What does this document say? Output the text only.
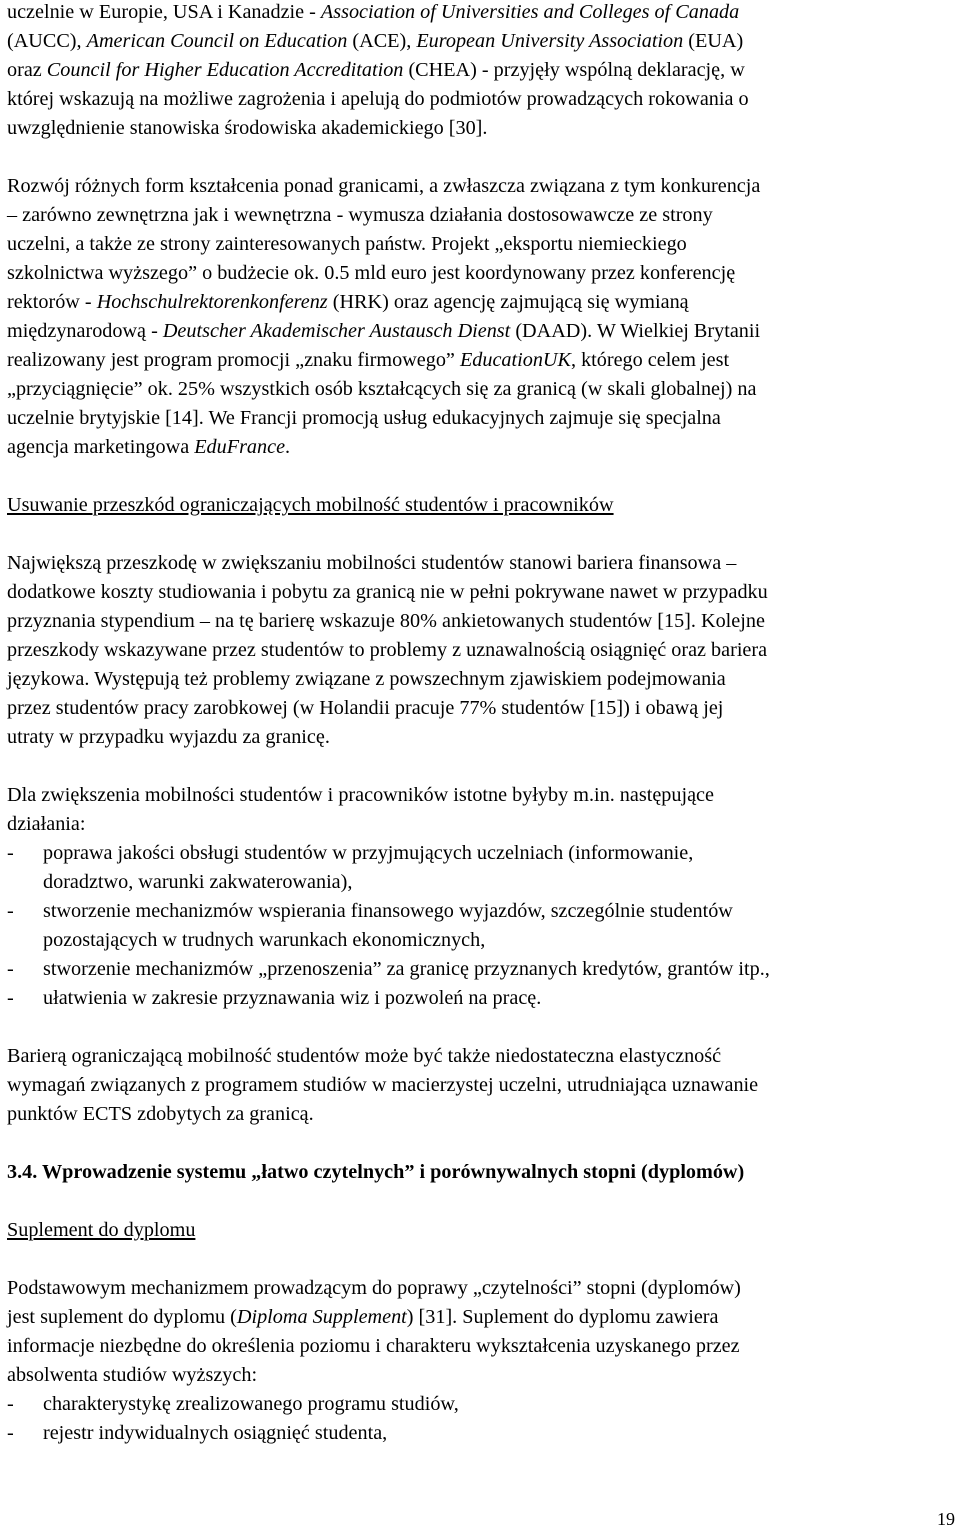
uczelnie w Europie, USA i Kanadzie - Association of Universities and Colleges of Canada
(AUCC), American Council on Education (ACE), European University Association (EUA)
oraz Council for Higher Education Accreditation (CHEA) - przyjęły wspólną deklarację, w
której wskazują na możliwe zagrożenia i apelują do podmiotów prowadzących rokowania o
uwzględnienie stanowiska środowiska akademickiego [30].

Rozwój różnych form kształcenia ponad granicami, a zwłaszcza związana z tym konkurencja
– zarówno zewnętrzna jak i wewnętrzna - wymusza działania dostosowawcze ze strony
uczelni, a także ze strony zainteresowanych państw. Projekt „eksportu niemieckiego
szkolnictwa wyższego” o budżecie ok. 0.5 mld euro jest koordynowany przez konferencję
rektorów - Hochschulrektorenkonferenz (HRK) oraz agencję zajmującą się wymianą
międzynarodową - Deutscher Akademischer Austausch Dienst (DAAD). W Wielkiej Brytanii
realizowany jest program promocji „znaku firmowego” EducationUK, którego celem jest
„przyciągnięcie” ok. 25% wszystkich osób kształcących się za granicą (w skali globalnej) na
uczelnie brytyjskie [14]. We Francji promocją usług edukacyjnych zajmuje się specjalna
agencja marketingowa EduFrance.

Usuwanie przeszkód ograniczających mobilność studentów i pracowników

Największą przeszkodę w zwiększaniu mobilności studentów stanowi bariera finansowa –
dodatkowe koszty studiowania i pobytu za granicą nie w pełni pokrywane nawet w przypadku
przyznania stypendium – na tę barierę wskazuje 80% ankietowanych studentów [15]. Kolejne
przeszkody wskazywane przez studentów to problemy z uznawalnością osiągnięć oraz bariera
językowa. Występują też problemy związane z powszechnym zjawiskiem podejmowania
przez studentów pracy zarobkowej (w Holandii pracuje 77% studentów [15]) i obawą jej
utraty w przypadku wyjazdu za granicę.

Dla zwiększenia mobilności studentów i pracowników istotne byłyby m.in. następujące
działania:

- poprawa jakości obsługi studentów w przyjmujących uczelniach (informowanie,
doradztwo, warunki zakwaterowania),
- stworzenie mechanizmów wspierania finansowego wyjazdów, szczególnie studentów
pozostających w trudnych warunkach ekonomicznych,
- stworzenie mechanizmów „przenoszenia” za granicę przyznanych kredytów, grantów itp.,
- ułatwienia w zakresie przyznawania wiz i pozwoleń na pracę.

Barierą ograniczającą mobilność studentów może być także niedostateczna elastyczność
wymagań związanych z programem studiów w macierzystej uczelni, utrudniająca uznawanie
punktów ECTS zdobytych za granicą.

3.4. Wprowadzenie systemu „łatwo czytelnych” i porównywalnych stopni (dyplomów)

Suplement do dyplomu

Podstawowym mechanizmem prowadzącym do poprawy „czytelności” stopni (dyplomów)
jest suplement do dyplomu (Diploma Supplement) [31]. Suplement do dyplomu zawiera
informacje niezbędne do określenia poziomu i charakteru wykształcenia uzyskanego przez
absolwenta studiów wyższych:

- charakterystykę zrealizowanego programu studiów,
- rejestr indywidualnych osiągnięć studenta,
19
